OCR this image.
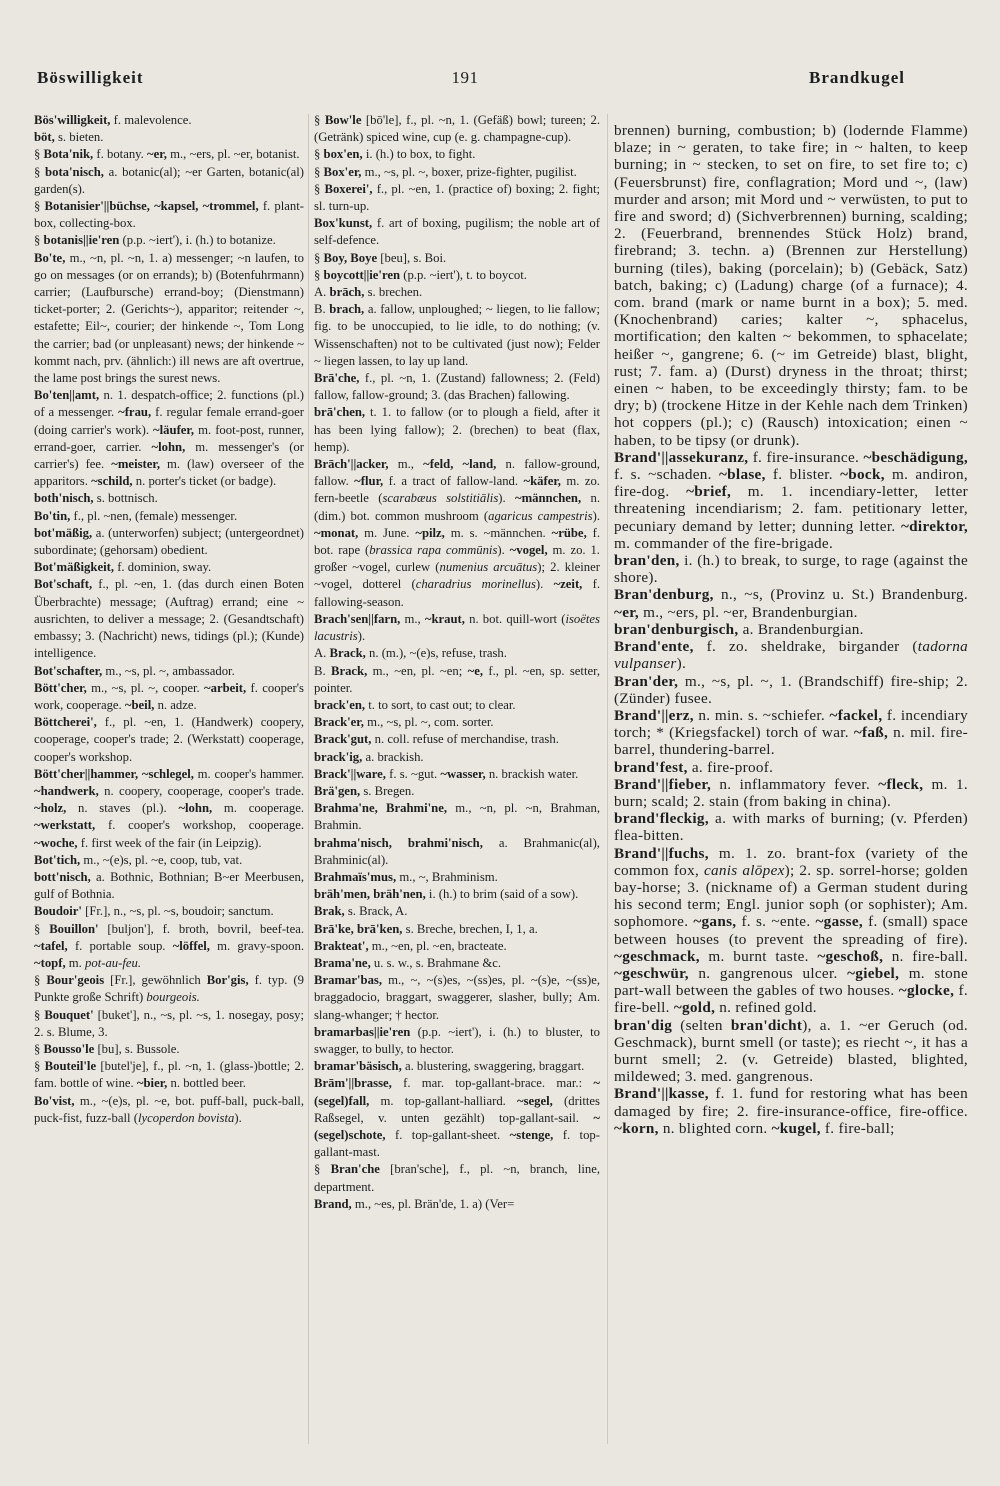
Böswilligkeit	191	Brandkugel

Bös'willigkeit, f. malevolence.

böt, s. bieten.

§ Bota'nik, f. botany. ~er, m., ~ers, pl. ~er, botanist.

§ bota'nisch, a. botanic(al); ~er Garten, botanic(al) garden(s).

§ Botanisier'||büchse, ~kapsel, ~trommel, f. plant-box, collecting-box.

§ botanis||ie'ren (p.p. ~iert'), i. (h.) to botanize.

Bo'te, m., ~n, pl. ~n, 1. a) messenger; ~n laufen, to go on messages (or on errands); b) (Botenfuhrmann) carrier; (Laufbursche) errand-boy; (Dienstmann) ticket-porter; 2. (Gerichts~), apparitor; reitender ~, estafette; Eil~, courier; der hinkende ~, Tom Long the carrier; bad (or unpleasant) news; der hinkende ~ kommt nach, prv. (ähnlich:) ill news are aft overtrue, the lame post brings the surest news.

Bo'ten||amt, n. 1. despatch-office; 2. functions (pl.) of a messenger. ~frau, f. regular female errand-goer (doing carrier's work). ~läufer, m. foot-post, runner, errand-goer, carrier. ~lohn, m. messenger's (or carrier's) fee. ~meister, m. (law) overseer of the apparitors. ~schild, n. porter's ticket (or badge).

both'nisch, s. bottnisch.

Bo'tin, f., pl. ~nen, (female) messenger.

bot'mäßig, a. (unterworfen) subject; (untergeordnet) subordinate; (gehorsam) obedient.

Bot'mäßigkeit, f. dominion, sway.

Bot'schaft, f., pl. ~en, 1. (das durch einen Boten Überbrachte) message; (Auftrag) errand; eine ~ ausrichten, to deliver a message; 2. (Gesandtschaft) embassy; 3. (Nachricht) news, tidings (pl.); (Kunde) intelligence.

Bot'schafter, m., ~s, pl. ~, ambassador.

Bött'cher, m., ~s, pl. ~, cooper. ~arbeit, f. cooper's work, cooperage. ~beil, n. adze.

Böttcherei', f., pl. ~en, 1. (Handwerk) coopery, cooperage, cooper's trade; 2. (Werkstatt) cooperage, cooper's workshop.

Bött'cher||hammer, ~schlegel, m. cooper's hammer. ~handwerk, n. coopery, cooperage, cooper's trade. ~holz, n. staves (pl.). ~lohn, m. cooperage. ~werkstatt, f. cooper's workshop, cooperage. ~woche, f. first week of the fair (in Leipzig).

Bot'tich, m., ~(e)s, pl. ~e, coop, tub, vat.

bott'nisch, a. Bothnic, Bothnian; B~er Meerbusen, gulf of Bothnia.

Boudoir' [Fr.], n., ~s, pl. ~s, boudoir; sanctum.

§ Bouillon' [buljon'], f. broth, bovril, beef-tea. ~tafel, f. portable soup. ~löffel, m. gravy-spoon. ~topf, m. pot-au-feu.

§ Bour'geois [Fr.], gewöhnlich Bor'gis, f. typ. (9 Punkte große Schrift) bourgeois.

§ Bouquet' [buket'], n., ~s, pl. ~s, 1. nosegay, posy; 2. s. Blume, 3.

§ Bousso'le [bu], s. Bussole.

§ Bouteil'le [butel'je], f., pl. ~n, 1. (glass-)bottle; 2. fam. bottle of wine. ~bier, n. bottled beer.

Bo'vist, m., ~(e)s, pl. ~e, bot. puff-ball, puck-ball, puck-fist, fuzz-ball (lycoperdon bovista).

§ Bow'le [bō'le], f., pl. ~n, 1. (Gefäß) bowl; tureen; 2. (Getränk) spiced wine, cup (e. g. champagne-cup).

§ box'en, i. (h.) to box, to fight.

§ Box'er, m., ~s, pl. ~, boxer, prize-fighter, pugilist.

§ Boxerei', f., pl. ~en, 1. (practice of) boxing; 2. fight; sl. turn-up.

Box'kunst, f. art of boxing, pugilism; the noble art of self-defence.

§ Boy, Boye [beu], s. Boi.

§ boycott||ie'ren (p.p. ~iert'), t. to boycot.

A. brāch, s. brechen.

B. brach, a. fallow, unploughed; ~ liegen, to lie fallow; fig. to be unoccupied, to lie idle, to do nothing; (v. Wissenschaften) not to be cultivated (just now); Felder ~ liegen lassen, to lay up land.

Brā'che, f., pl. ~n, 1. (Zustand) fallowness; 2. (Feld) fallow, fallow-ground; 3. (das Brachen) fallowing.

brā'chen, t. 1. to fallow (or to plough a field, after it has been lying fallow); 2. (brechen) to beat (flax, hemp).

Brāch'||acker, m., ~feld, ~land, n. fallow-ground, fallow. ~flur, f. a tract of fallow-land. ~käfer, m. zo. fern-beetle (scarabæus solstitiālis). ~männchen, n. (dim.) bot. common mushroom (agaricus campestris). ~monat, m. June. ~pilz, m. s. ~männchen. ~rübe, f. bot. rape (brassica rapa commūnis). ~vogel, m. zo. 1. großer ~vogel, curlew (numenius arcuātus); 2. kleiner ~vogel, dotterel (charadrius morinellus). ~zeit, f. fallowing-season.

Brach'sen||farn, m., ~kraut, n. bot. quill-wort (isoëtes lacustris).

A. Brack, n. (m.), ~(e)s, refuse, trash.

B. Brack, m., ~en, pl. ~en; ~e, f., pl. ~en, sp. setter, pointer.

brack'en, t. to sort, to cast out; to clear.

Brack'er, m., ~s, pl. ~, com. sorter.

Brack'gut, n. coll. refuse of merchandise, trash.

brack'ig, a. brackish.

Brack'||ware, f. s. ~gut. ~wasser, n. brackish water.

Brä'gen, s. Bregen.

Brahma'ne, Brahmi'ne, m., ~n, pl. ~n, Brahman, Brahmin.

brahma'nisch, brahmi'nisch, a. Brahmanic(al), Brahminic(al).

Brahmaïs'mus, m., ~, Brahminism.

bräh'men, bräh'nen, i. (h.) to brim (said of a sow).

Brak, s. Brack, A.

Brā'ke, brā'ken, s. Breche, brechen, I, 1, a.

Brakteat', m., ~en, pl. ~en, bracteate.

Brama'ne, u. s. w., s. Brahmane &c.

Bramar'bas, m., ~, ~(s)es, ~(ss)es, pl. ~(s)e, ~(ss)e, braggadocio, braggart, swaggerer, slasher, bully; Am. slang-whanger; † hector.

bramarbas||ie'ren (p.p. ~iert'), i. (h.) to bluster, to swagger, to bully, to hector.

bramar'bäsisch, a. blustering, swaggering, braggart.

Brām'||brasse, f. mar. top-gallant-brace. mar.: ~(segel)fall, m. top-gallant-halliard. ~segel, (drittes Raßsegel, v. unten gezählt) top-gallant-sail. ~(segel)schote, f. top-gallant-sheet. ~stenge, f. top-gallant-mast.

§ Bran'che [bran'sche], f., pl. ~n, branch, line, department.

Brand, m., ~es, pl. Brän'de, 1. a) (Ver=

brennen) burning, combustion; b) (lodernde Flamme) blaze; in ~ geraten, to take fire; in ~ halten, to keep burning; in ~ stecken, to set on fire, to set fire to; c) (Feuersbrunst) fire, conflagration; Mord und ~, (law) murder and arson; mit Mord und ~ verwüsten, to put to fire and sword; d) (Sichverbrennen) burning, scalding; 2. (Feuerbrand, brennendes Stück Holz) brand, firebrand; 3. techn. a) (Brennen zur Herstellung) burning (tiles), baking (porcelain); b) (Gebäck, Satz) batch, baking; c) (Ladung) charge (of a furnace); 4. com. brand (mark or name burnt in a box); 5. med. (Knochenbrand) caries; kalter ~, sphacelus, mortification; den kalten ~ bekommen, to sphacelate; heißer ~, gangrene; 6. (~ im Getreide) blast, blight, rust; 7. fam. a) (Durst) dryness in the throat; thirst; einen ~ haben, to be exceedingly thirsty; fam. to be dry; b) (trockene Hitze in der Kehle nach dem Trinken) hot coppers (pl.); c) (Rausch) intoxication; einen ~ haben, to be tipsy (or drunk).

Brand'||assekuranz, f. fire-insurance. ~beschädigung, f. s. ~schaden. ~blase, f. blister. ~bock, m. andiron, fire-dog. ~brief, m. 1. incendiary-letter, letter threatening incendiarism; 2. fam. petitionary letter, pecuniary demand by letter; dunning letter. ~direktor, m. commander of the fire-brigade.

bran'den, i. (h.) to break, to surge, to rage (against the shore).

Bran'denburg, n., ~s, (Provinz u. St.) Brandenburg. ~er, m., ~ers, pl. ~er, Brandenburgian.

bran'denburgisch, a. Brandenburgian.

Brand'ente, f. zo. sheldrake, birgander (tadorna vulpanser).

Bran'der, m., ~s, pl. ~, 1. (Brandschiff) fire-ship; 2. (Zünder) fusee.

Brand'||erz, n. min. s. ~schiefer. ~fackel, f. incendiary torch; * (Kriegsfackel) torch of war. ~faß, n. mil. fire-barrel, thundering-barrel.

brand'fest, a. fire-proof.

Brand'||fieber, n. inflammatory fever. ~fleck, m. 1. burn; scald; 2. stain (from baking in china).

brand'fleckig, a. with marks of burning; (v. Pferden) flea-bitten.

Brand'||fuchs, m. 1. zo. brant-fox (variety of the common fox, canis alōpex); 2. sp. sorrel-horse; golden bay-horse; 3. (nickname of) a German student during his second term; Engl. junior soph (or sophister); Am. sophomore. ~gans, f. s. ~ente. ~gasse, f. (small) space between houses (to prevent the spreading of fire). ~geschmack, m. burnt taste. ~geschoß, n. fire-ball. ~geschwür, n. gangrenous ulcer. ~giebel, m. stone part-wall between the gables of two houses. ~glocke, f. fire-bell. ~gold, n. refined gold.

bran'dig (selten bran'dicht), a. 1. ~er Geruch (od. Geschmack), burnt smell (or taste); es riecht ~, it has a burnt smell; 2. (v. Getreide) blasted, blighted, mildewed; 3. med. gangrenous.

Brand'||kasse, f. 1. fund for restoring what has been damaged by fire; 2. fire-insurance-office, fire-office. ~korn, n. blighted corn. ~kugel, f. fire-ball;
